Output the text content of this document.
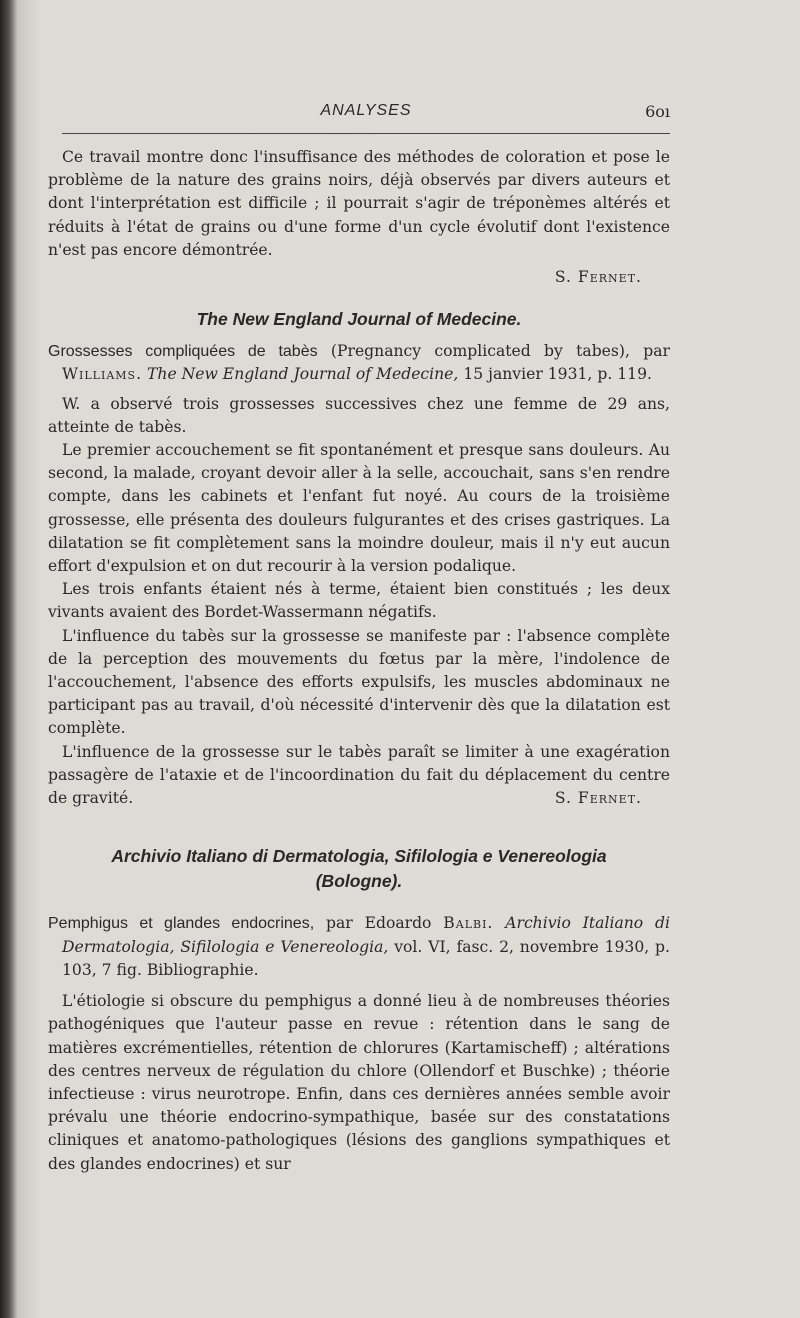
ANALYSES	6oı

Ce travail montre donc l'insuffisance des méthodes de coloration et pose le problème de la nature des grains noirs, déjà observés par divers auteurs et dont l'interprétation est difficile ; il pourrait s'agir de tréponèmes altérés et réduits à l'état de grains ou d'une forme d'un cycle évolutif dont l'existence n'est pas encore démontrée.

S. Fernet.

The New England Journal of Medecine.

Grossesses compliquées de tabès (Pregnancy complicated by tabes), par Williams. The New England Journal of Medecine, 15 janvier 1931, p. 119.

W. a observé trois grossesses successives chez une femme de 29 ans, atteinte de tabès.

Le premier accouchement se fit spontanément et presque sans douleurs. Au second, la malade, croyant devoir aller à la selle, accouchait, sans s'en rendre compte, dans les cabinets et l'enfant fut noyé. Au cours de la troisième grossesse, elle présenta des douleurs fulgurantes et des crises gastriques. La dilatation se fit complètement sans la moindre douleur, mais il n'y eut aucun effort d'expulsion et on dut recourir à la version podalique.

Les trois enfants étaient nés à terme, étaient bien constitués ; les deux vivants avaient des Bordet-Wassermann négatifs.

L'influence du tabès sur la grossesse se manifeste par : l'absence complète de la perception des mouvements du fœtus par la mère, l'indolence de l'accouchement, l'absence des efforts expulsifs, les muscles abdominaux ne participant pas au travail, d'où nécessité d'intervenir dès que la dilatation est complète.

L'influence de la grossesse sur le tabès paraît se limiter à une exagération passagère de l'ataxie et de l'incoordination du fait du déplacement du centre de gravité.	S. Fernet.

Archivio Italiano di Dermatologia, Sifilologia e Venereologia
(Bologne).

Pemphigus et glandes endocrines, par Edoardo Balbi. Archivio Italiano di Dermatologia, Sifilologia e Venereologia, vol. VI, fasc. 2, novembre 1930, p. 103, 7 fig. Bibliographie.

L'étiologie si obscure du pemphigus a donné lieu à de nombreuses théories pathogéniques que l'auteur passe en revue : rétention dans le sang de matières excrémentielles, rétention de chlorures (Kartamischeff) ; altérations des centres nerveux de régulation du chlore (Ollendorf et Buschke) ; théorie infectieuse : virus neurotrope. Enfin, dans ces dernières années semble avoir prévalu une théorie endocrino-sympathique, basée sur des constatations cliniques et anatomo-pathologiques (lésions des ganglions sympathiques et des glandes endocrines) et sur
